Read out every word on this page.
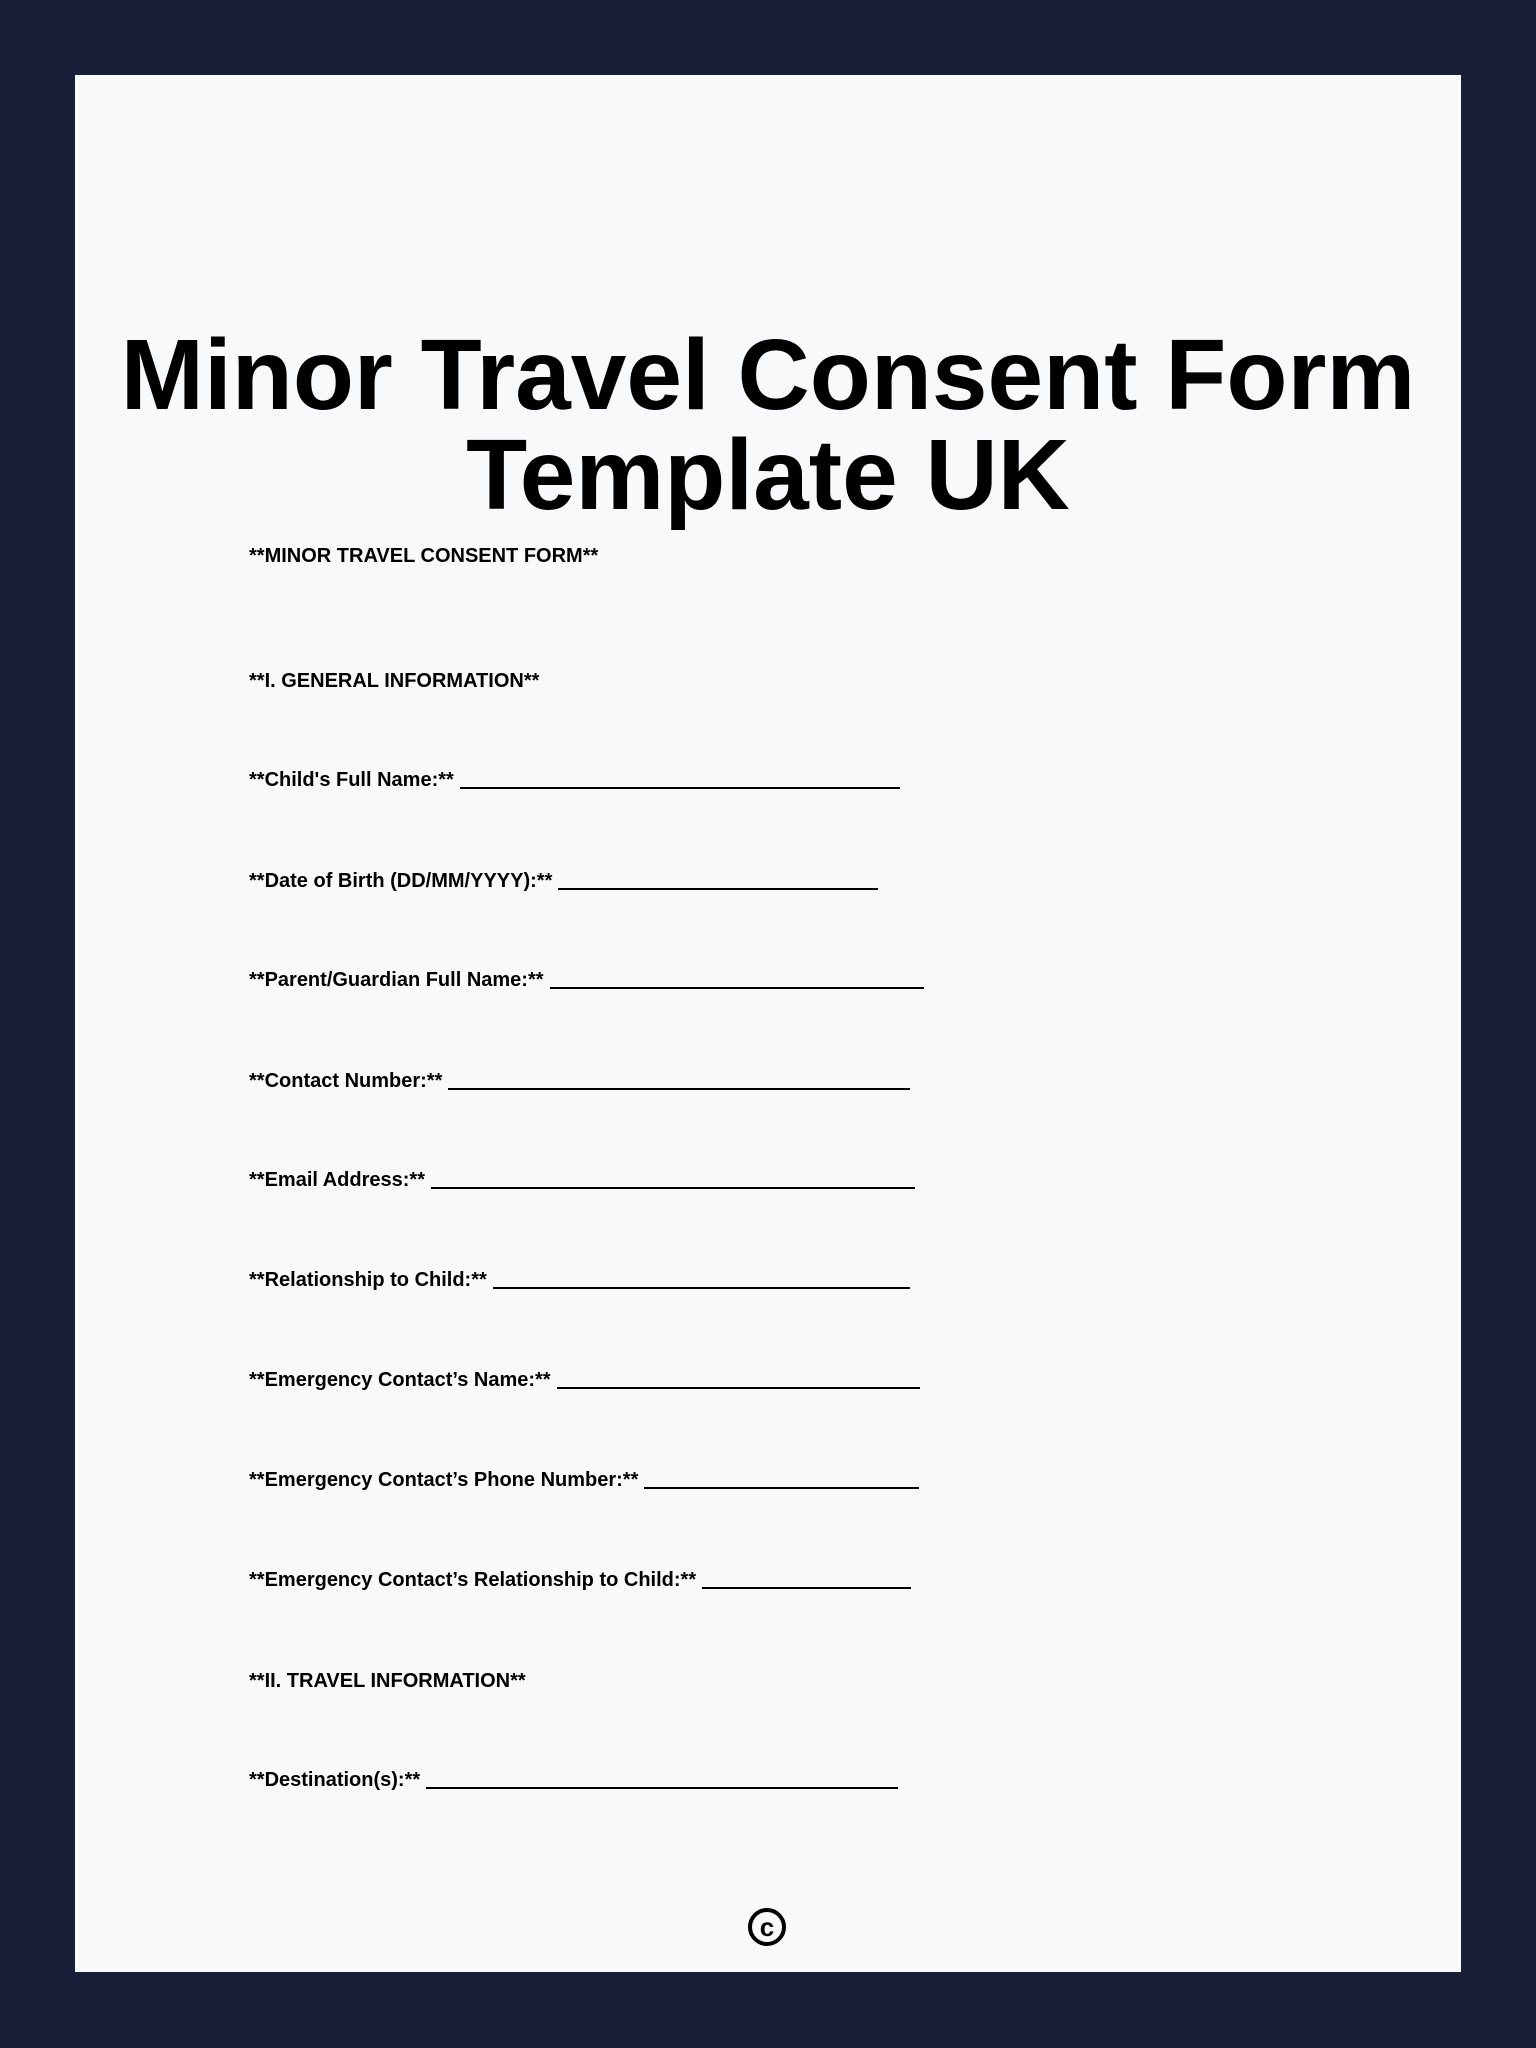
Minor Travel Consent Form
Template UK
**MINOR TRAVEL CONSENT FORM**
**I. GENERAL INFORMATION**
**Child's Full Name:**
**Date of Birth (DD/MM/YYYY):**
**Parent/Guardian Full Name:**
**Contact Number:**
**Email Address:**
**Relationship to Child:**
**Emergency Contact’s Name:**
**Emergency Contact’s Phone Number:**
**Emergency Contact’s Relationship to Child:**
**II. TRAVEL INFORMATION**
**Destination(s):**
c
